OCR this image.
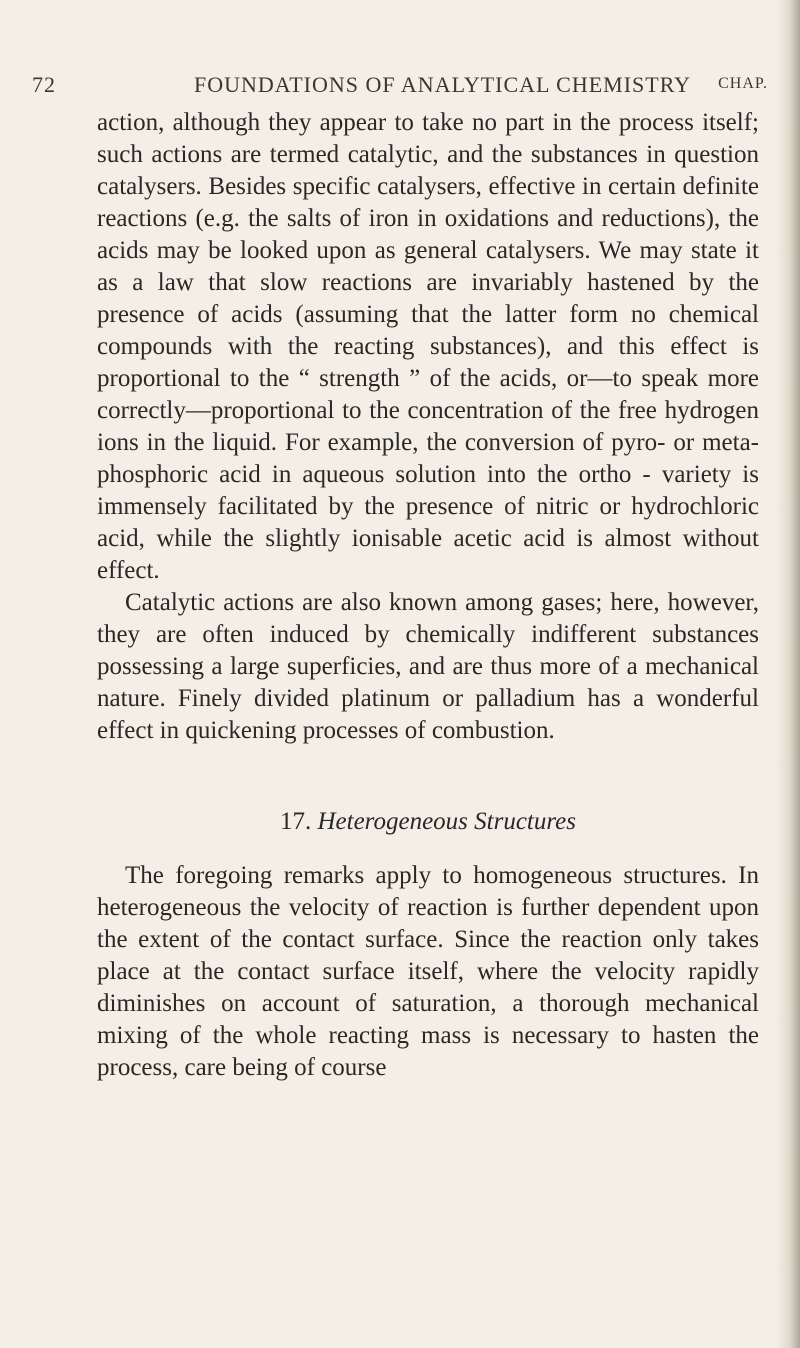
72	FOUNDATIONS OF ANALYTICAL CHEMISTRY CHAP.

action, although they appear to take no part in the process itself; such actions are termed catalytic, and the substances in question catalysers. Besides specific catalysers, effective in certain definite reactions (e.g. the salts of iron in oxidations and reductions), the acids may be looked upon as general catalysers. We may state it as a law that slow reactions are invariably hastened by the presence of acids (assuming that the latter form no chemical compounds with the reacting substances), and this effect is proportional to the “ strength ” of the acids, or—to speak more correctly—proportional to the concentration of the free hydrogen ions in the liquid. For example, the conversion of pyro- or meta-phosphoric acid in aqueous solution into the ortho - variety is immensely facilitated by the presence of nitric or hydrochloric acid, while the slightly ionisable acetic acid is almost without effect.

Catalytic actions are also known among gases; here, however, they are often induced by chemically indifferent substances possessing a large superficies, and are thus more of a mechanical nature. Finely divided platinum or palladium has a wonderful effect in quickening processes of combustion.

17. Heterogeneous Structures

The foregoing remarks apply to homogeneous structures. In heterogeneous the velocity of reaction is further dependent upon the extent of the contact surface. Since the reaction only takes place at the contact surface itself, where the velocity rapidly diminishes on account of saturation, a thorough mechanical mixing of the whole reacting mass is necessary to hasten the process, care being of course
